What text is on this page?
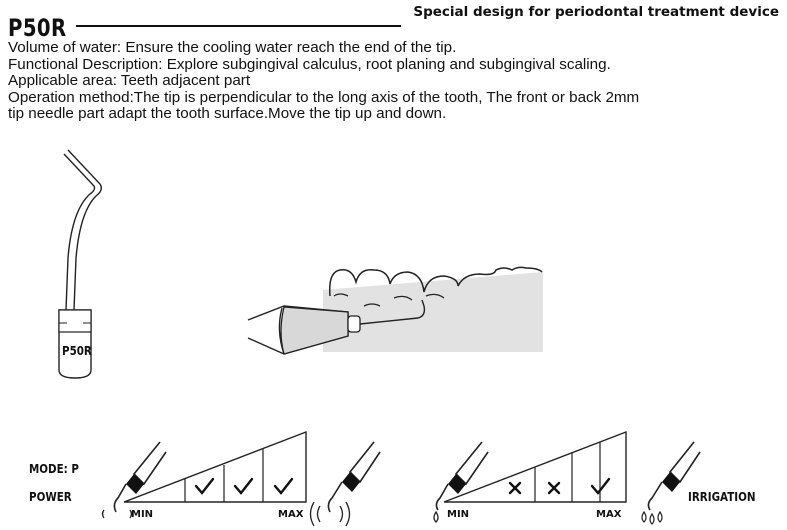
P50R
Special design for periodontal treatment device
Volume of water: Ensure the cooling water reach the end of the tip.
Functional Description: Explore subgingival calculus, root planing and subgingival scaling.
Applicable area: Teeth adjacent part
Operation method:The tip is perpendicular to the long axis of the tooth, The front or back 2mm
tip needle part adapt the tooth surface.Move the tip up and down.
P50R
MODE: P
POWER
MIN	MAX	MIN	MAX
IRRIGATION
